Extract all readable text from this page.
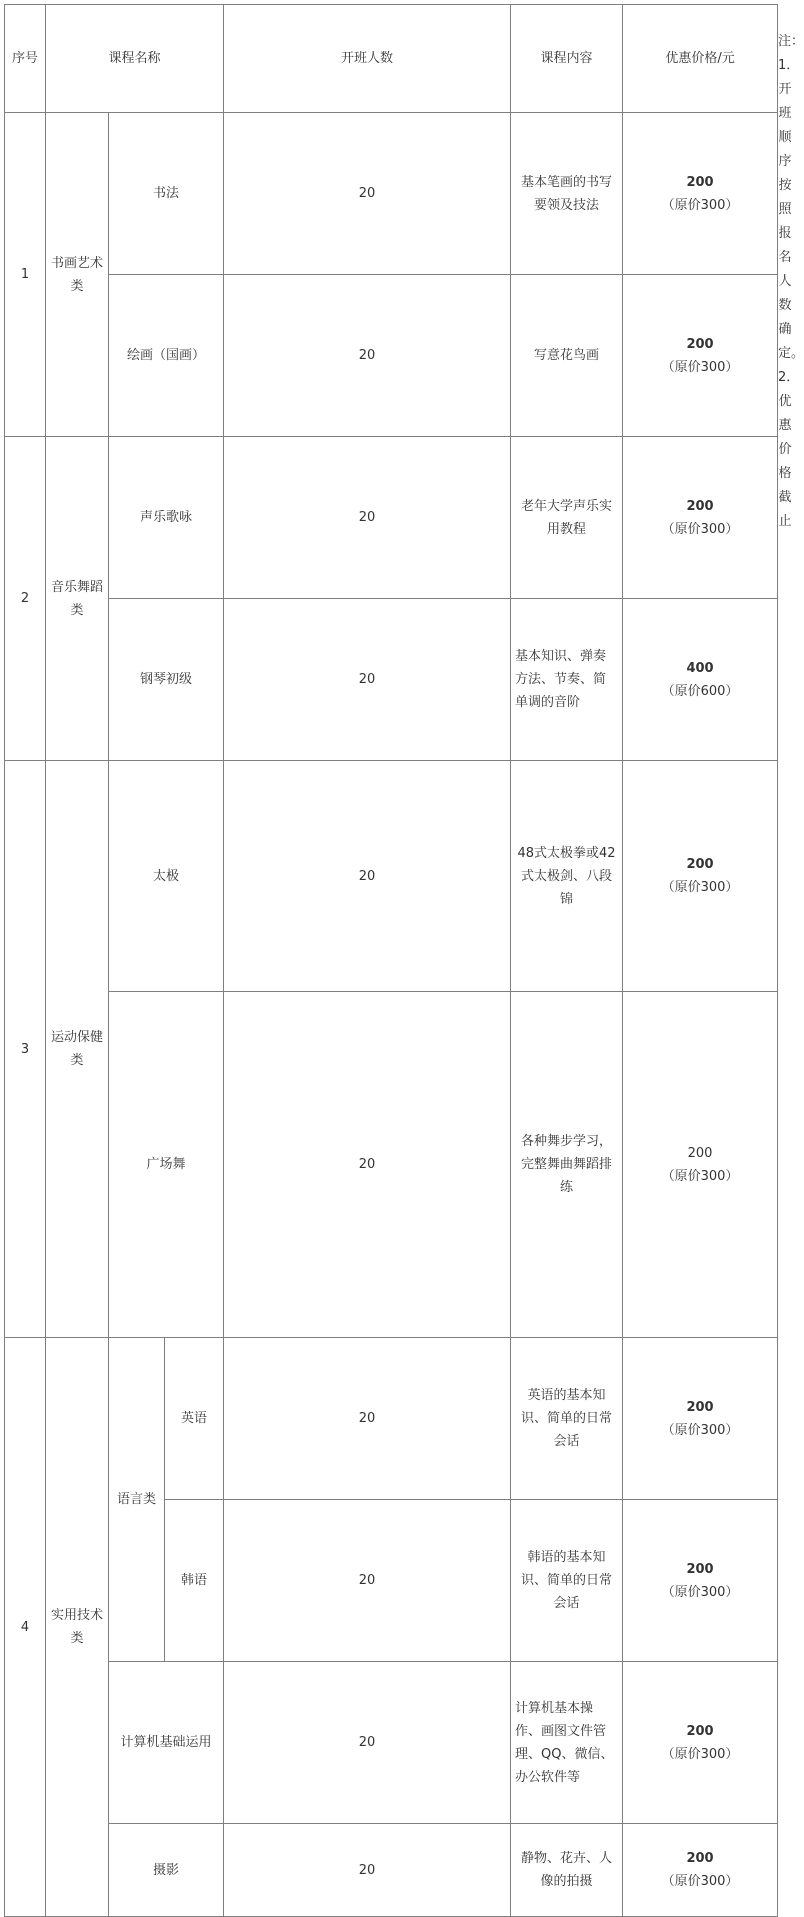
序号	课程名称			开班人数	课程内容	优惠价格/元	
1	书画艺术类	书法		20	基本笔画的书写要领及技法	200
（原价300）

		绘画（国画）		20	写意花鸟画	200
（原价300）

2	音乐舞蹈类	声乐歌咏		20	老年大学声乐实用教程	200
（原价300）

		钢琴初级		20	基本知识、弹奏方法、节奏、简单调的音阶	400
（原价600）

3	运动保健类	太极		20	48式太极拳或42式太极剑、八段锦	200
（原价300）

		广场舞		20	各种舞步学习，完整舞曲舞蹈排练	200
（原价300）

4	实用技术类	语言类	英语	20	英语的基本知识、简单的日常会话	200
（原价300）

			韩语	20	韩语的基本知识、简单的日常会话	200
（原价300）

		计算机基础运用		20	计算机基本操作、画图文件管理、QQ、微信、办公软件等	200
（原价300）

		摄影		20	静物、花卉、人像的拍摄	200
（原价300）

注：1．开班顺序按照报名人数确定。2．优惠价格截止
